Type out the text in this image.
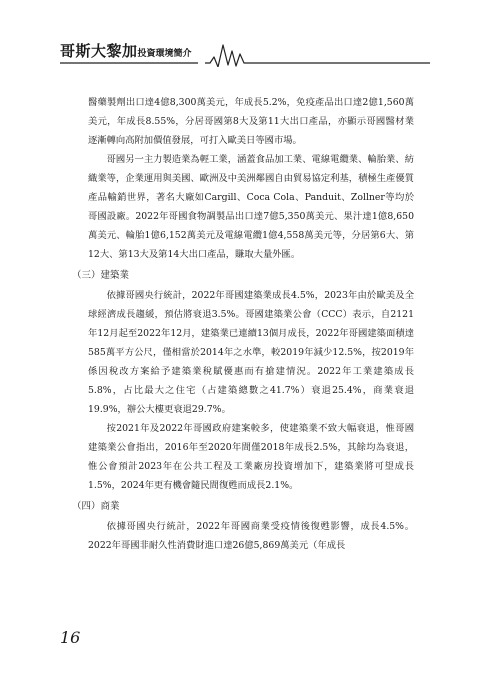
哥斯大黎加投資環境簡介

醫藥製劑出口達4億8,300萬美元，年成長5.2%，免疫產品出口達2億1,560萬美元，年成長8.55%，分居哥國第8大及第11大出口產品，亦顯示哥國醫材業逐漸轉向高附加價值發展，可打入歐美日等國市場。

哥國另一主力製造業為輕工業，涵蓋食品加工業、電線電纜業、輪胎業、紡織業等，企業運用與美國、歐洲及中美洲鄰國自由貿易協定利基，積極生產優質產品輸銷世界，著名大廠如Cargill、Coca Cola、Panduit、Zollner等均於哥國設廠。2022年哥國食物調製品出口達7億5,350萬美元、果汁達1億8,650萬美元、輪胎1億6,152萬美元及電線電纜1億4,558萬美元等，分居第6大、第12大、第13大及第14大出口產品，賺取大量外匯。

（三）建築業

依據哥國央行統計，2022年哥國建築業成長4.5%，2023年由於歐美及全球經濟成長趨緩，預估將衰退3.5%。哥國建築業公會（CCC）表示，自2121年12月起至2022年12月，建築業已連續13個月成長，2022年哥國建築面積達585萬平方公尺，僅相當於2014年之水準，較2019年減少12.5%，按2019年係因稅改方案給予建築業稅賦優惠而有搶建情況。2022年工業建築成長5.8%，占比最大之住宅（占建築總數之41.7%）衰退25.4%，商業衰退19.9%，辦公大樓更衰退29.7%。

按2021年及2022年哥國政府建案較多，使建築業不致大幅衰退，惟哥國建築業公會指出，2016年至2020年間僅2018年成長2.5%，其餘均為衰退，惟公會預計2023年在公共工程及工業廠房投資增加下，建築業將可望成長1.5%，2024年更有機會隨民間復甦而成長2.1%。

（四）商業

依據哥國央行統計，2022年哥國商業受疫情後復甦影響，成長4.5%。2022年哥國非耐久性消費財進口達26億5,869萬美元（年成長

16
